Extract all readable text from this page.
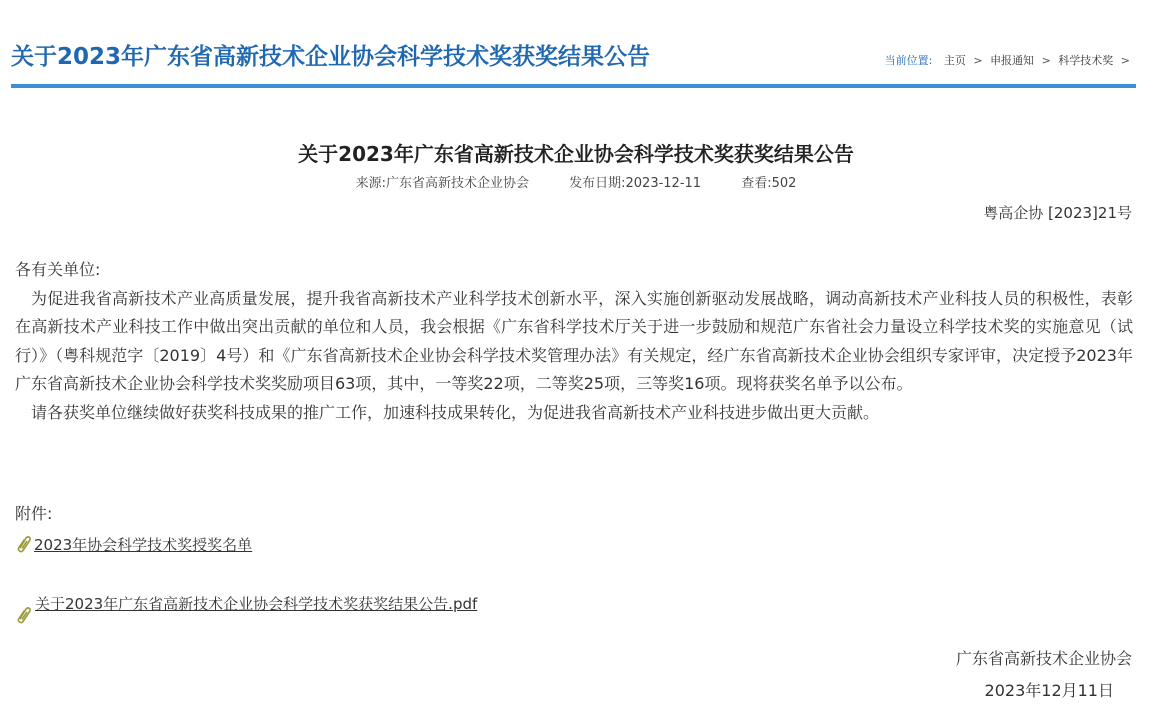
关于2023年广东省高新技术企业协会科学技术奖获奖结果公告	当前位置: 主页 > 申报通知 > 科学技术奖 >
关于2023年广东省高新技术企业协会科学技术奖获奖结果公告
来源:广东省高新技术企业协会	发布日期:2023-12-11	查看:502
粤高企协 [2023]21号

各有关单位:

为促进我省高新技术产业高质量发展，提升我省高新技术产业科学技术创新水平，深入实施创新驱动发展战略，调动高新技术产业科技人员的积极性，表彰在高新技术产业科技工作中做出突出贡献的单位和人员，我会根据《广东省科学技术厅关于进一步鼓励和规范广东省社会力量设立科学技术奖的实施意见（试行）》（粤科规范字〔2019〕4号）和《广东省高新技术企业协会科学技术奖管理办法》有关规定，经广东省高新技术企业协会组织专家评审，决定授予2023年广东省高新技术企业协会科学技术奖奖励项目63项，其中，一等奖22项，二等奖25项，三等奖16项。现将获奖名单予以公布。

请各获奖单位继续做好获奖科技成果的推广工作，加速科技成果转化，为促进我省高新技术产业科技进步做出更大贡献。

附件:
2023年协会科学技术奖授奖名单
关于2023年广东省高新技术企业协会科学技术奖获奖结果公告.pdf
广东省高新技术企业协会
2023年12月11日
